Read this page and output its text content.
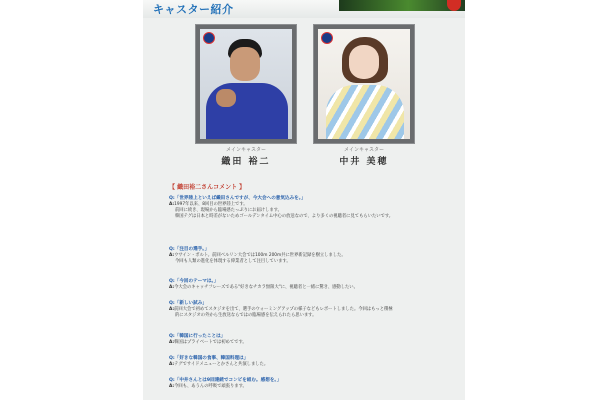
キャスター紹介
メインキャスター
織田 裕二
メインキャスター
中井 美穂
【 織田裕二さんコメント 】
Q:「世界陸上といえば織田さんですが、今大会への意気込みを。」
A:1997年以来、8回目の世界陸上です。
前回に続き、現場から臨場感たっぷりにお届けします。
韓国テグは日本と時差がないためゴールデンタイム中心の放送なので、より多くの視聴者に見てもらいたいです。
Q:「注目の選手。」
A:ウサイン・ボルト。前回ベルリン大会では100m 200m共に世界新記録を樹立しました。
今回も人類の進化を体現する偉業者として注目しています。
Q:「今回のテーマは。」
A:今大会のキャッチフレーズである"好きなチカラ無限大"に、視聴者と一緒に驚き、感動したい。
Q:「新しい試み」
A:前回大会で初めてスタジオを出て、選手のウォーミングアップの様子などもレポートしました。今回はもっと積極
的にスタジオの外から生放送ならではの臨場感を伝えられたら思います。
Q:「韓国に行ったことは」
A:韓国はプライベートでは初めてです。
Q:「好きな韓国の食事、韓国料理は」
A:テグでサイドメニューとかさんと共演しました。
Q:「中井さんとは9回連続でコンビを組む。感想を。」
A:今回も、あうんの呼吸で頑張ります。
